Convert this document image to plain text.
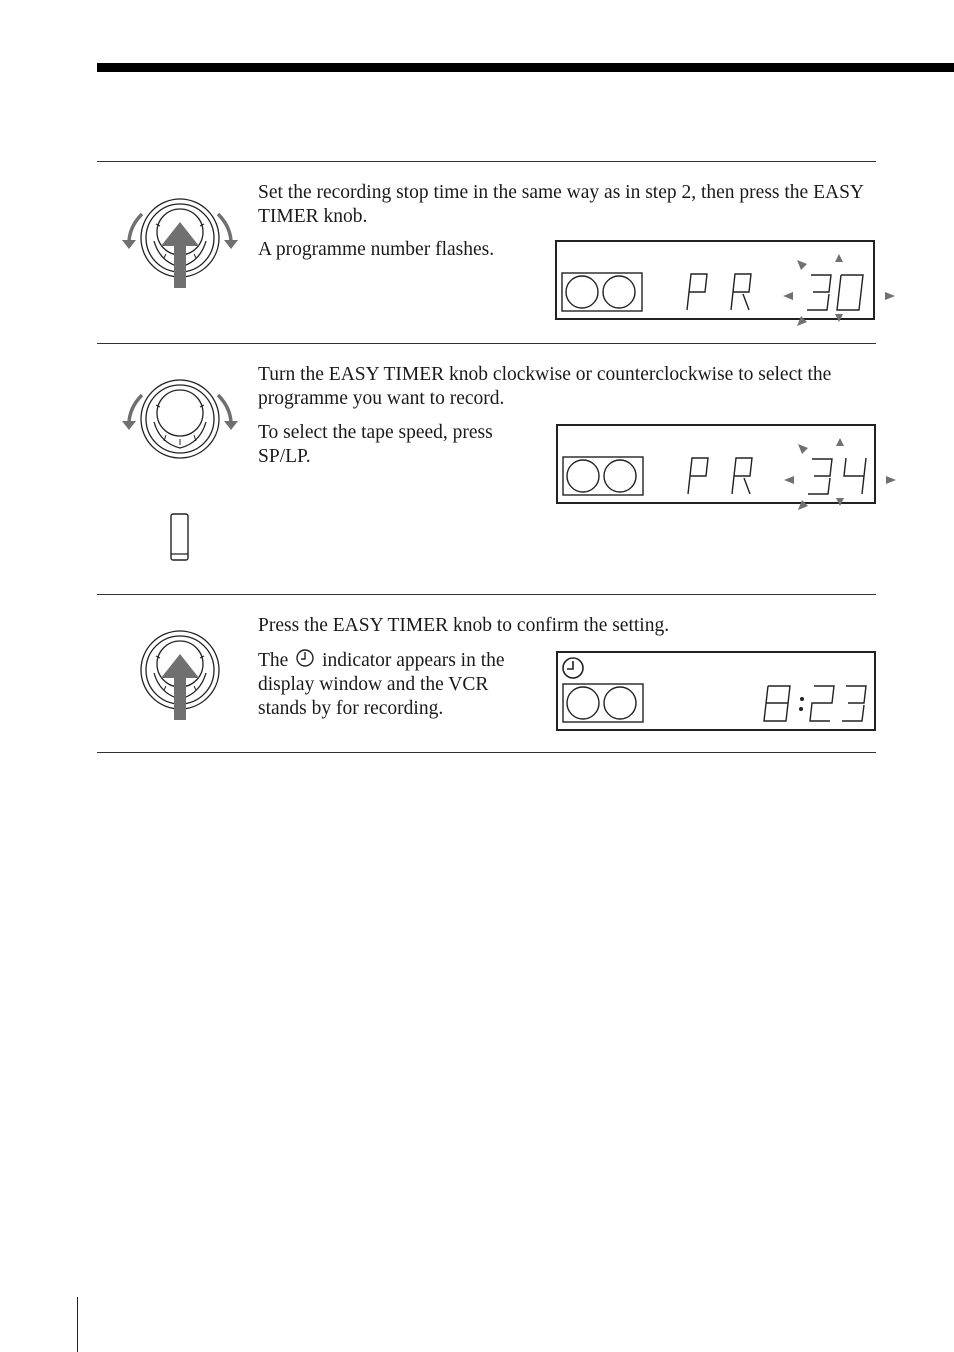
Set the recording stop time in the same way as in step 2, then press the EASY TIMER knob.

A programme number flashes.

Turn the EASY TIMER knob clockwise or counterclockwise to select the programme you want to record.

To select the tape speed, press SP/LP.

Press the EASY TIMER knob to confirm the setting.

The
indicator appears in the display window and the VCR stands by for recording.
